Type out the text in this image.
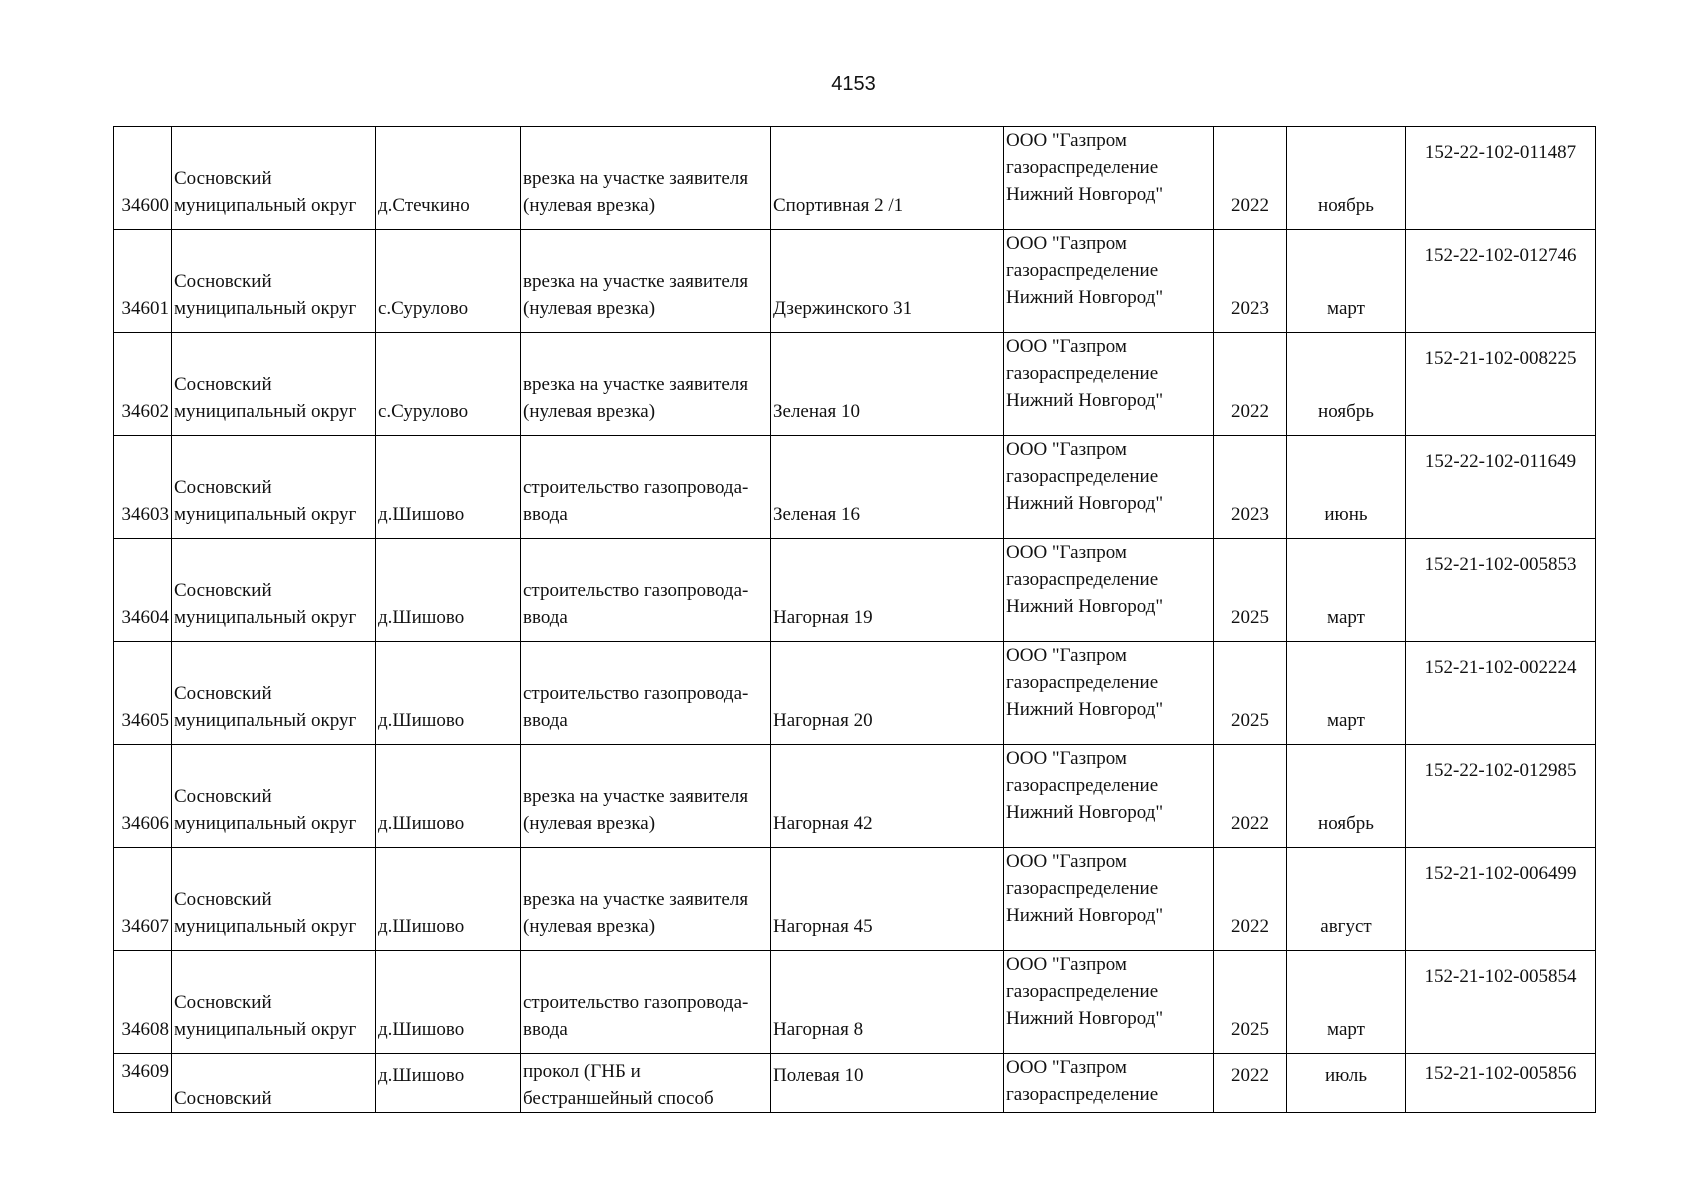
4153
34600	Сосновский
муниципальный округ	д.Стечкино	врезка на участке заявителя
(нулевая врезка)	Спортивная 2 /1	ООО "Газпром
газораспределение
Нижний Новгород"	2022	ноябрь	152-22-102-011487
34601	Сосновский
муниципальный округ	с.Сурулово	врезка на участке заявителя
(нулевая врезка)	Дзержинского 31	ООО "Газпром
газораспределение
Нижний Новгород"	2023	март	152-22-102-012746
34602	Сосновский
муниципальный округ	с.Сурулово	врезка на участке заявителя
(нулевая врезка)	Зеленая 10	ООО "Газпром
газораспределение
Нижний Новгород"	2022	ноябрь	152-21-102-008225
34603	Сосновский
муниципальный округ	д.Шишово	строительство газопровода-
ввода	Зеленая 16	ООО "Газпром
газораспределение
Нижний Новгород"	2023	июнь	152-22-102-011649
34604	Сосновский
муниципальный округ	д.Шишово	строительство газопровода-
ввода	Нагорная 19	ООО "Газпром
газораспределение
Нижний Новгород"	2025	март	152-21-102-005853
34605	Сосновский
муниципальный округ	д.Шишово	строительство газопровода-
ввода	Нагорная 20	ООО "Газпром
газораспределение
Нижний Новгород"	2025	март	152-21-102-002224
34606	Сосновский
муниципальный округ	д.Шишово	врезка на участке заявителя
(нулевая врезка)	Нагорная 42	ООО "Газпром
газораспределение
Нижний Новгород"	2022	ноябрь	152-22-102-012985
34607	Сосновский
муниципальный округ	д.Шишово	врезка на участке заявителя
(нулевая врезка)	Нагорная 45	ООО "Газпром
газораспределение
Нижний Новгород"	2022	август	152-21-102-006499
34608	Сосновский
муниципальный округ	д.Шишово	строительство газопровода-
ввода	Нагорная 8	ООО "Газпром
газораспределение
Нижний Новгород"	2025	март	152-21-102-005854
34609	Сосновский	д.Шишово	прокол (ГНБ и
бестраншейный способ	Полевая 10	ООО "Газпром
газораспределение	2022	июль	152-21-102-005856
